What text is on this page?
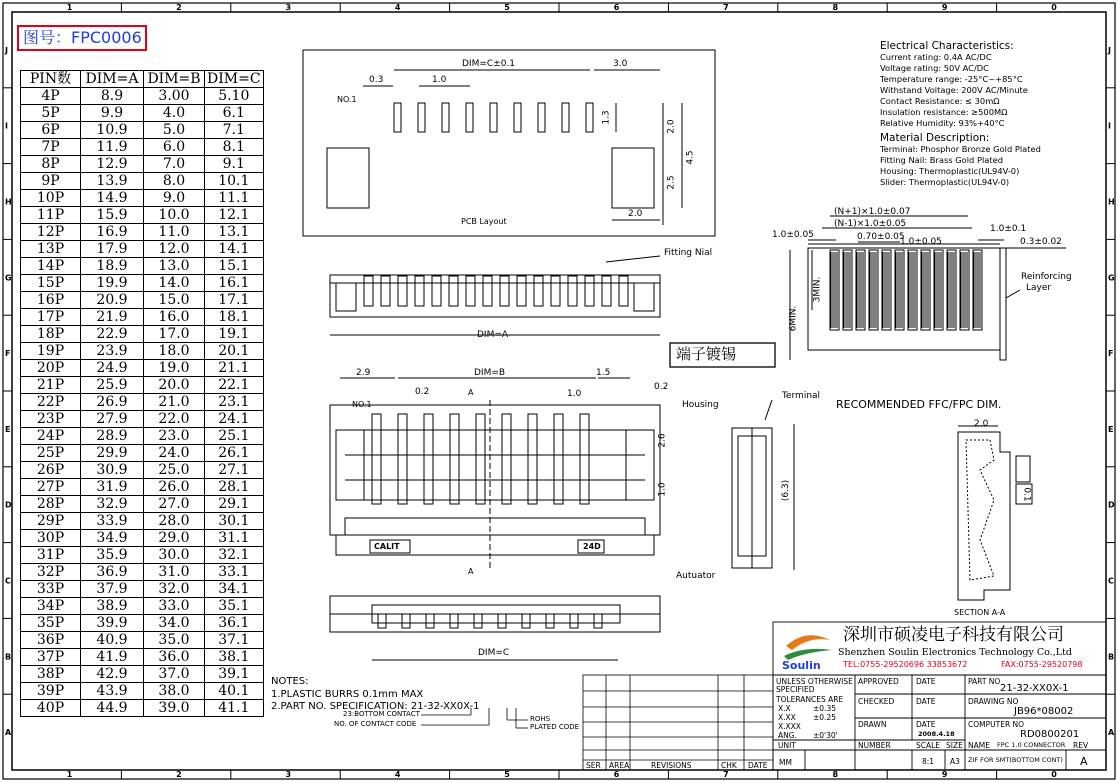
1
1
2
2
3
3
4
4
5
5
6
6
7
7
8
8
9
9
0
0
J	J
I	I
H	H
G	G
F	F
E	E
D	D
C	C
B	B
A	A
PCB Layout
图号：FPC0006
PIN数	DIM=A	DIM=B	DIM=C
4P	8.9	3.00	5.10
5P	9.9	4.0	6.1
6P	10.9	5.0	7.1
7P	11.9	6.0	8.1
8P	12.9	7.0	9.1
9P	13.9	8.0	10.1
10P	14.9	9.0	11.1
11P	15.9	10.0	12.1
12P	16.9	11.0	13.1
13P	17.9	12.0	14.1
14P	18.9	13.0	15.1
15P	19.9	14.0	16.1
16P	20.9	15.0	17.1
17P	21.9	16.0	18.1
18P	22.9	17.0	19.1
19P	23.9	18.0	20.1
20P	24.9	19.0	21.1
21P	25.9	20.0	22.1
22P	26.9	21.0	23.1
23P	27.9	22.0	24.1
24P	28.9	23.0	25.1
25P	29.9	24.0	26.1
26P	30.9	25.0	27.1
27P	31.9	26.0	28.1
28P	32.9	27.0	29.1
29P	33.9	28.0	30.1
30P	34.9	29.0	31.1
31P	35.9	30.0	32.1
32P	36.9	31.0	33.1
33P	37.9	32.0	34.1
34P	38.9	33.0	35.1
35P	39.9	34.0	36.1
36P	40.9	35.0	37.1
37P	41.9	36.0	38.1
38P	42.9	37.0	39.1
39P	43.9	38.0	40.1
40P	44.9	39.0	41.1
DIM=C±0.1	3.0
0.3	1.0
NO.1
1.3
2.0
4.5
2.5
2.0
Electrical Characteristics:
Current rating: 0.4A AC/DC
Voltage rating: 50V AC/DC
Temperature range: -25°C~+85°C
Withstand Voltage: 200V AC/Minute
Contact Resistance: ≤ 30mΩ
Insulation resistance: ≥500MΩ
Relative Humidity: 93%+40°C
Material Description:
Terminal: Phosphor Bronze Gold Plated
Fitting Nail: Brass Gold Plated
Housing: Thermoplastic(UL94V-0)
Slider: Thermoplastic(UL94V-0)
Fitting Nial
DIM=A
2.9	DIM=B	1.5
0.2	0.2
1.0
NO.1
A
A
Housing
2.6
1.0
CALIT	24D
Autuator
端子镀锡
Terminal
(6.3)
(N+1)×1.0±0.07
(N-1)×1.0±0.05
0.70±0.05
1.0±0.05
1.0±0.05
1.0±0.1
0.3±0.02
6MIN.
3MIN.	Reinforcing
Layer
RECOMMENDED FFC/FPC DIM.
2.0
0.1
SECTION A-A
DIM=C
NOTES:
1.PLASTIC BURRS 0.1mm MAX
2.PART NO. SPECIFICATION: 21-32-XX0X-1
23:BOTTOM CONTACT
NO. OF CONTACT CODE
ROHS
PLATED CODE
SER AREA	REVISIONS	CHK DATE
Soulin
深圳市硕凌电子科技有限公司
Shenzhen Soulin Electronics Technology Co.,Ltd
TEL:0755-29520696 33853672	FAX:0755-29520798
UNLESS OTHERWISE SPECIFIED
TOLERANCES ARE
X.X	±0.35
X.XX ±0.25
X.XXX
ANG. ±0'30'
UNIT
MM
APPROVED DATE
CHECKED	DATE
DRAWN	DATE
2008.4.18
PART NO
21-32-XX0X-1
DRAWING NO
JB96*08002
COMPUTER NO
RD0800201
NUMBER	SCALE
8:1
SIZE
A3
NAME FPC 1.0 CONNECTOR
ZIF FOR SMT(BOTTOM CONT)
REV
A
